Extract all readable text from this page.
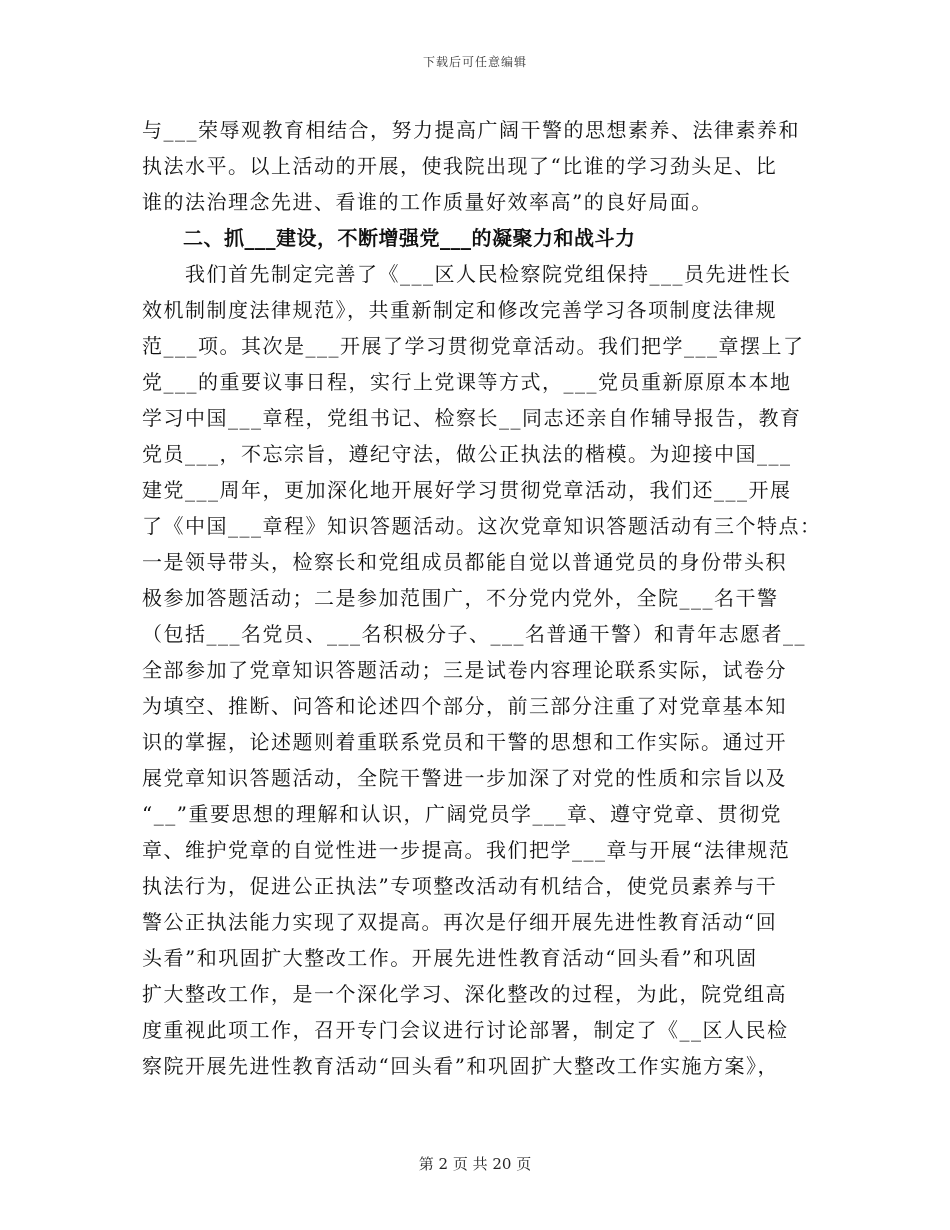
下载后可任意编辑
与___荣辱观教育相结合，努力提高广阔干警的思想素养、法律素养和
执法水平。以上活动的开展，使我院出现了“比谁的学习劲头足、比
谁的法治理念先进、看谁的工作质量好效率高”的良好局面。
　　二、抓___建设，不断增强党___的凝聚力和战斗力
　　我们首先制定完善了《___区人民检察院党组保持___员先进性长
效机制制度法律规范》，共重新制定和修改完善学习各项制度法律规
范___项。其次是___开展了学习贯彻党章活动。我们把学___章摆上了
党___的重要议事日程，实行上党课等方式，___党员重新原原本本地
学习中国___章程，党组书记、检察长__同志还亲自作辅导报告，教育
党员___，不忘宗旨，遵纪守法，做公正执法的楷模。为迎接中国___
建党___周年，更加深化地开展好学习贯彻党章活动，我们还___开展
了《中国___章程》知识答题活动。这次党章知识答题活动有三个特点：
一是领导带头，检察长和党组成员都能自觉以普通党员的身份带头积
极参加答题活动；二是参加范围广，不分党内党外，全院___名干警
（包括___名党员、___名积极分子、___名普通干警）和青年志愿者__
全部参加了党章知识答题活动；三是试卷内容理论联系实际，试卷分
为填空、推断、问答和论述四个部分，前三部分注重了对党章基本知
识的掌握，论述题则着重联系党员和干警的思想和工作实际。通过开
展党章知识答题活动，全院干警进一步加深了对党的性质和宗旨以及
“__”重要思想的理解和认识，广阔党员学___章、遵守党章、贯彻党
章、维护党章的自觉性进一步提高。我们把学___章与开展“法律规范
执法行为，促进公正执法”专项整改活动有机结合，使党员素养与干
警公正执法能力实现了双提高。再次是仔细开展先进性教育活动“回
头看”和巩固扩大整改工作。开展先进性教育活动“回头看”和巩固
扩大整改工作，是一个深化学习、深化整改的过程，为此，院党组高
度重视此项工作，召开专门会议进行讨论部署，制定了《__区人民检
察院开展先进性教育活动“回头看”和巩固扩大整改工作实施方案》，
第 2 页 共 20 页
